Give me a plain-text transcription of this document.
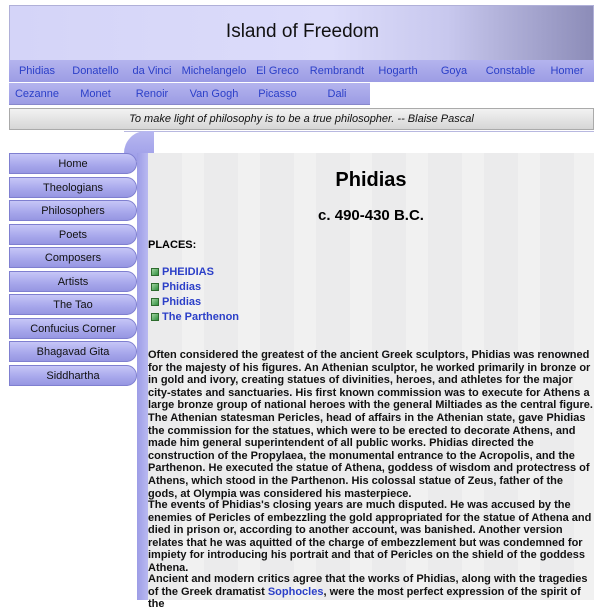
Island of Freedom
Phidias	Donatello	da Vinci Michelangelo El Greco Rembrandt	Hogarth	Goya	Constable	Homer
Cezanne	Monet	Renoir	Van Gogh	Picasso	Dali
To make light of philosophy is to be a true philosopher. -- Blaise Pascal
Home
Theologians
Philosophers
Poets
Composers
Artists
The Tao
Confucius Corner
Bhagavad Gita
Siddhartha
Phidias
c. 490-430 B.C.
PLACES:
PHEIDIAS
Phidias
Phidias
The Parthenon

Often considered the greatest of the ancient Greek sculptors, Phidias was renowned for the majesty of his figures. An Athenian sculptor, he worked primarily in bronze or in gold and ivory, creating statues of divinities, heroes, and athletes for the major city-states and sanctuaries. His first known commission was to execute for Athens a large bronze group of national heroes with the general Miltiades as the central figure. The Athenian statesman Pericles, head of affairs in the Athenian state, gave Phidias the commission for the statues, which were to be erected to decorate Athens, and made him general superintendent of all public works. Phidias directed the construction of the Propylaea, the monumental entrance to the Acropolis, and the Parthenon. He executed the statue of Athena, goddess of wisdom and protectress of Athens, which stood in the Parthenon. His colossal statue of Zeus, father of the gods, at Olympia was considered his masterpiece.

The events of Phidias's closing years are much disputed. He was accused by the enemies of Pericles of embezzling the gold appropriated for the statue of Athena and died in prison or, according to another account, was banished. Another version relates that he was aquitted of the charge of embezzlement but was condemned for impiety for introducing his portrait and that of Pericles on the shield of the goddess Athena.

Ancient and modern critics agree that the works of Phidias, along with the tragedies of the Greek dramatist Sophocles, were the most perfect expression of the spirit of the
